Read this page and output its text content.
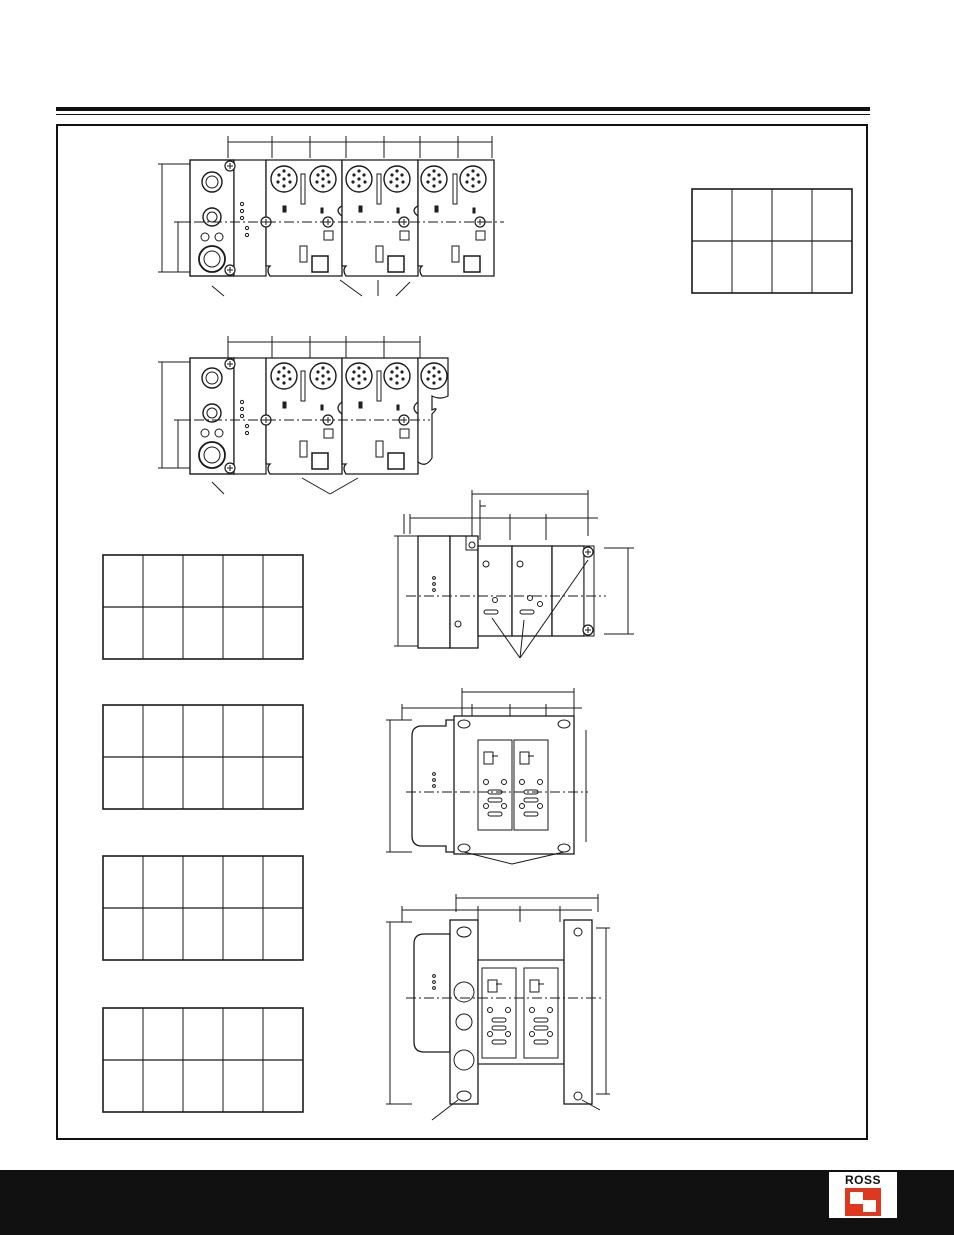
ROSS
